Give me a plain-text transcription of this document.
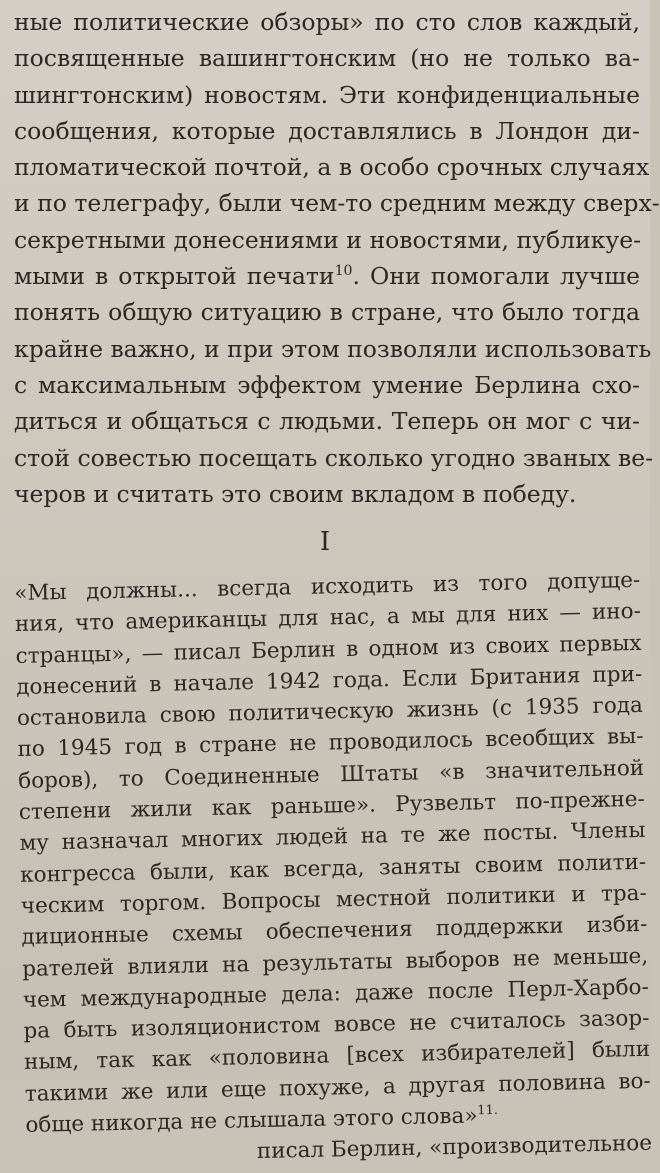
ные политические обзоры» по сто слов каждый,
посвященные вашингтонским (но не только ва-
шингтонским) новостям. Эти конфиденциальные
сообщения, которые доставлялись в Лондон ди-
пломатической почтой, а в особо срочных случаях
и по телеграфу, были чем-то средним между сверх-
секретными донесениями и новостями, публикуе-
мыми в открытой печати$^{10}$. Они помогали лучше
понять общую ситуацию в стране, что было тогда
крайне важно, и при этом позволяли использовать
с максимальным эффектом умение Берлина схо-
диться и общаться с людьми. Теперь он мог с чи-
стой совестью посещать сколько угодно званых ве-
черов и считать это своим вкладом в победу.
I
«Мы должны... всегда исходить из того допуще-
ния, что американцы для нас, а мы для них — ино-
странцы», — писал Берлин в одном из своих первых
донесений в начале 1942 года. Если Британия при-
остановила свою политическую жизнь (с 1935 года
по 1945 год в стране не проводилось всеобщих вы-
боров), то Соединенные Штаты «в значительной
степени жили как раньше». Рузвельт по-прежне-
му назначал многих людей на те же посты. Члены
конгресса были, как всегда, заняты своим полити-
ческим торгом. Вопросы местной политики и тра-
диционные схемы обеспечения поддержки изби-
рателей влияли на результаты выборов не меньше,
чем международные дела: даже после Перл-Харбо-
ра быть изоляционистом вовсе не считалось зазор-
ным, так как «половина [всех избирателей] были
такими же или еще похуже, а другая половина во-
обще никогда не слышала этого слова»$^{11.}$
писал Берлин, «производительное
